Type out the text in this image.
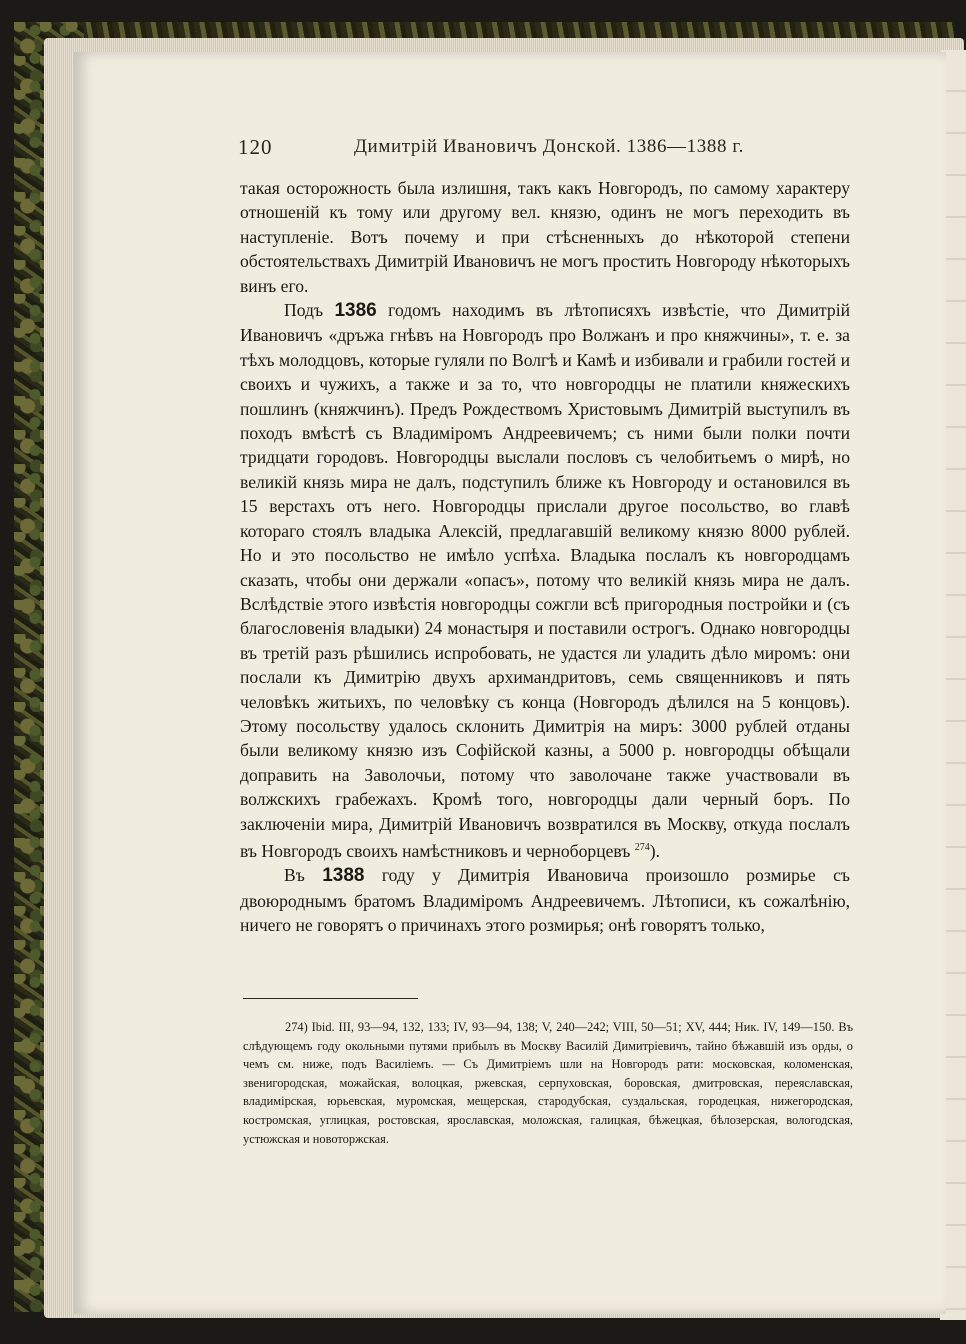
120	Димитрій Ивановичъ Донской. 1386—1388 г.

такая осторожность была излишня, такъ какъ Новгородъ, по самому характеру отношеній къ тому или другому вел. князю, одинъ не могъ переходить въ наступленіе. Вотъ почему и при стѣсненныхъ до нѣкоторой степени обстоятельствахъ Димитрій Ивановичъ не могъ простить Новгороду нѣкоторыхъ винъ его.

Подъ 1386 годомъ находимъ въ лѣтописяхъ извѣстіе, что Димитрій Ивановичъ «дръжа гнѣвъ на Новгородъ про Волжанъ и про княжчины», т. е. за тѣхъ молодцовъ, которые гуляли по Волгѣ и Камѣ и избивали и грабили гостей и своихъ и чужихъ, а также и за то, что новгородцы не платили княжескихъ пошлинъ (княжчинъ). Предъ Рождествомъ Христовымъ Димитрій выступилъ въ походъ вмѣстѣ съ Владиміромъ Андреевичемъ; съ ними были полки почти тридцати городовъ. Новгородцы выслали пословъ съ челобитьемъ о мирѣ, но великій князь мира не далъ, подступилъ ближе къ Новгороду и остановился въ 15 верстахъ отъ него. Новгородцы прислали другое посольство, во главѣ котораго стоялъ владыка Алексій, предлагавшій великому князю 8000 рублей. Но и это посольство не имѣло успѣха. Владыка послалъ къ новгородцамъ сказать, чтобы они держали «опасъ», потому что великій князь мира не далъ. Вслѣдствіе этого извѣстія новгородцы сожгли всѣ пригородныя постройки и (съ благословенія владыки) 24 монастыря и поставили острогъ. Однако новгородцы въ третій разъ рѣшились испробовать, не удастся ли уладить дѣло миромъ: они послали къ Димитрію двухъ архимандритовъ, семь священниковъ и пять человѣкъ житьихъ, по человѣку съ конца (Новгородъ дѣлился на 5 концовъ). Этому посольству удалось склонить Димитрія на миръ: 3000 рублей отданы были великому князю изъ Софійской казны, а 5000 р. новгородцы обѣщали доправить на Заволочьи, потому что заволочане также участвовали въ волжскихъ грабежахъ. Кромѣ того, новгородцы дали черный боръ. По заключеніи мира, Димитрій Ивановичъ возвратился въ Москву, откуда послалъ въ Новгородъ своихъ намѣстниковъ и черноборцевъ $^{274}$).

Въ 1388 году у Димитрія Ивановича произошло розмирье съ двоюроднымъ братомъ Владиміромъ Андреевичемъ. Лѣтописи, къ сожалѣнію, ничего не говорятъ о причинахъ этого розмирья; онѣ говорятъ только,

274) Ibid. III, 93—94, 132, 133; IV, 93—94, 138; V, 240—242; VIII, 50—51; XV, 444; Ник. IV, 149—150. Въ слѣдующемъ году окольными путями прибылъ въ Москву Василій Димитріевичъ, тайно бѣжавшій изъ орды, о чемъ см. ниже, подъ Василіемъ. — Съ Димитріемъ шли на Новгородъ рати: московская, коломенская, звенигородская, можайская, волоцкая, ржевская, серпуховская, боровская, дмитровская, переяславская, владимірская, юрьевская, муромская, мещерская, стародубская, суздальская, городецкая, нижегородская, костромская, углицкая, ростовская, ярославская, моложская, галицкая, бѣжецкая, бѣлозерская, вологодская, устюжская и новоторжская.
